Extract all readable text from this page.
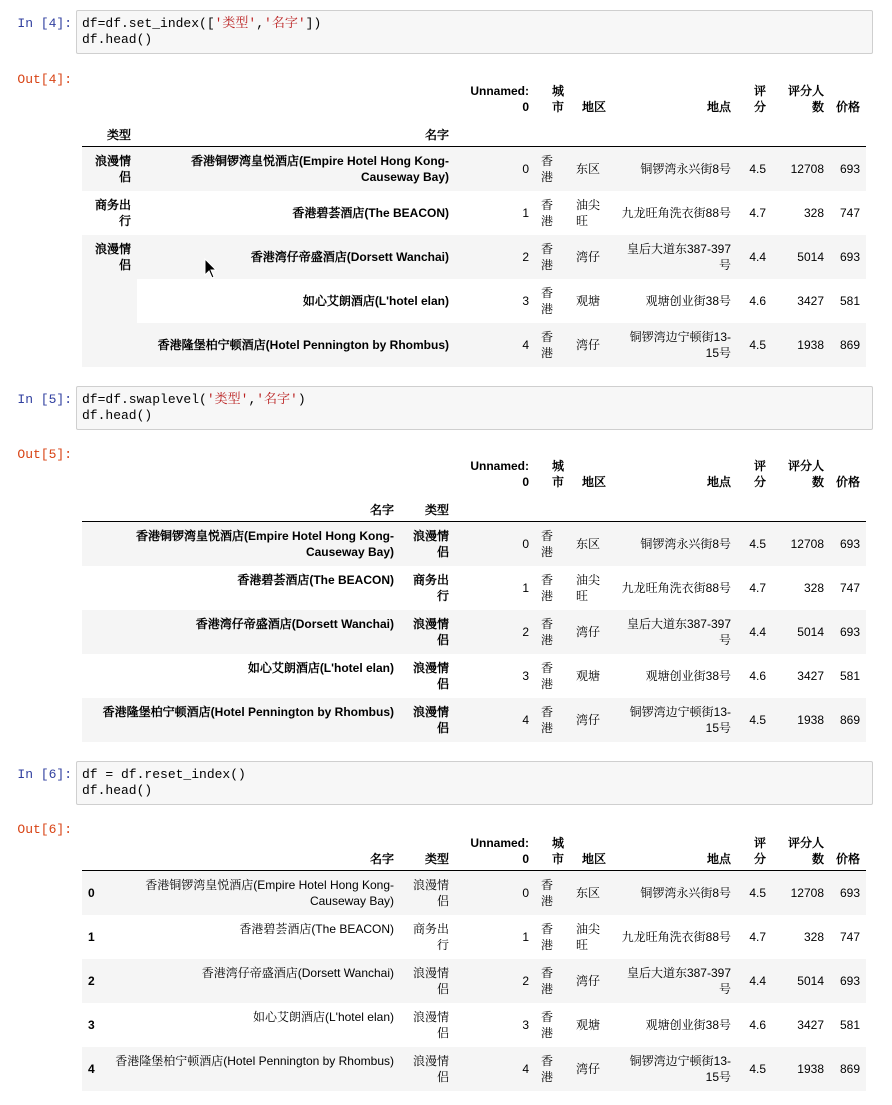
In [4]: df=df.set_index(['类型','名字'])
df.head()
Out[4]:
		Unnamed: 0	城市	地区	地点	评分	评分人数	价格
类型	名字							
浪漫情侣	香港铜锣湾皇悦酒店(Empire Hotel Hong Kong-Causeway Bay)	0	香港	东区	铜锣湾永兴街8号	4.5	12708	693
商务出行	香港碧荟酒店(The BEACON)	1	香港	油尖旺	九龙旺角洗衣街88号	4.7	328	747
浪漫情侣	香港湾仔帝盛酒店(Dorsett Wanchai)	2	香港	湾仔	皇后大道东387-397号	4.4	5014	693
	如心艾朗酒店(L'hotel elan)	3	香港	观塘	观塘创业街38号	4.6	3427	581
	香港隆堡柏宁顿酒店(Hotel Pennington by Rhombus)	4	香港	湾仔	铜锣湾边宁顿街13-15号	4.5	1938	869
In [5]: df=df.swaplevel('类型','名字')
df.head()
Out[5]:
		Unnamed: 0	城市	地区	地点	评分	评分人数	价格
名字	类型							
香港铜锣湾皇悦酒店(Empire Hotel Hong Kong-Causeway Bay)	浪漫情侣	0	香港	东区	铜锣湾永兴街8号	4.5	12708	693
香港碧荟酒店(The BEACON)	商务出行	1	香港	油尖旺	九龙旺角洗衣街88号	4.7	328	747
香港湾仔帝盛酒店(Dorsett Wanchai)	浪漫情侣	2	香港	湾仔	皇后大道东387-397号	4.4	5014	693
如心艾朗酒店(L'hotel elan)	浪漫情侣	3	香港	观塘	观塘创业街38号	4.6	3427	581
香港隆堡柏宁顿酒店(Hotel Pennington by Rhombus)	浪漫情侣	4	香港	湾仔	铜锣湾边宁顿街13-15号	4.5	1938	869
In [6]: df = df.reset_index()
df.head()
Out[6]:
	名字	类型	Unnamed: 0	城市	地区	地点	评分	评分人数	价格
0	香港铜锣湾皇悦酒店(Empire Hotel Hong Kong-Causeway Bay)	浪漫情侣	0	香港	东区	铜锣湾永兴街8号	4.5	12708	693
1	香港碧荟酒店(The BEACON)	商务出行	1	香港	油尖旺	九龙旺角洗衣街88号	4.7	328	747
2	香港湾仔帝盛酒店(Dorsett Wanchai)	浪漫情侣	2	香港	湾仔	皇后大道东387-397号	4.4	5014	693
3	如心艾朗酒店(L'hotel elan)	浪漫情侣	3	香港	观塘	观塘创业街38号	4.6	3427	581
4	香港隆堡柏宁顿酒店(Hotel Pennington by Rhombus)	浪漫情侣	4	香港	湾仔	铜锣湾边宁顿街13-15号	4.5	1938	869
